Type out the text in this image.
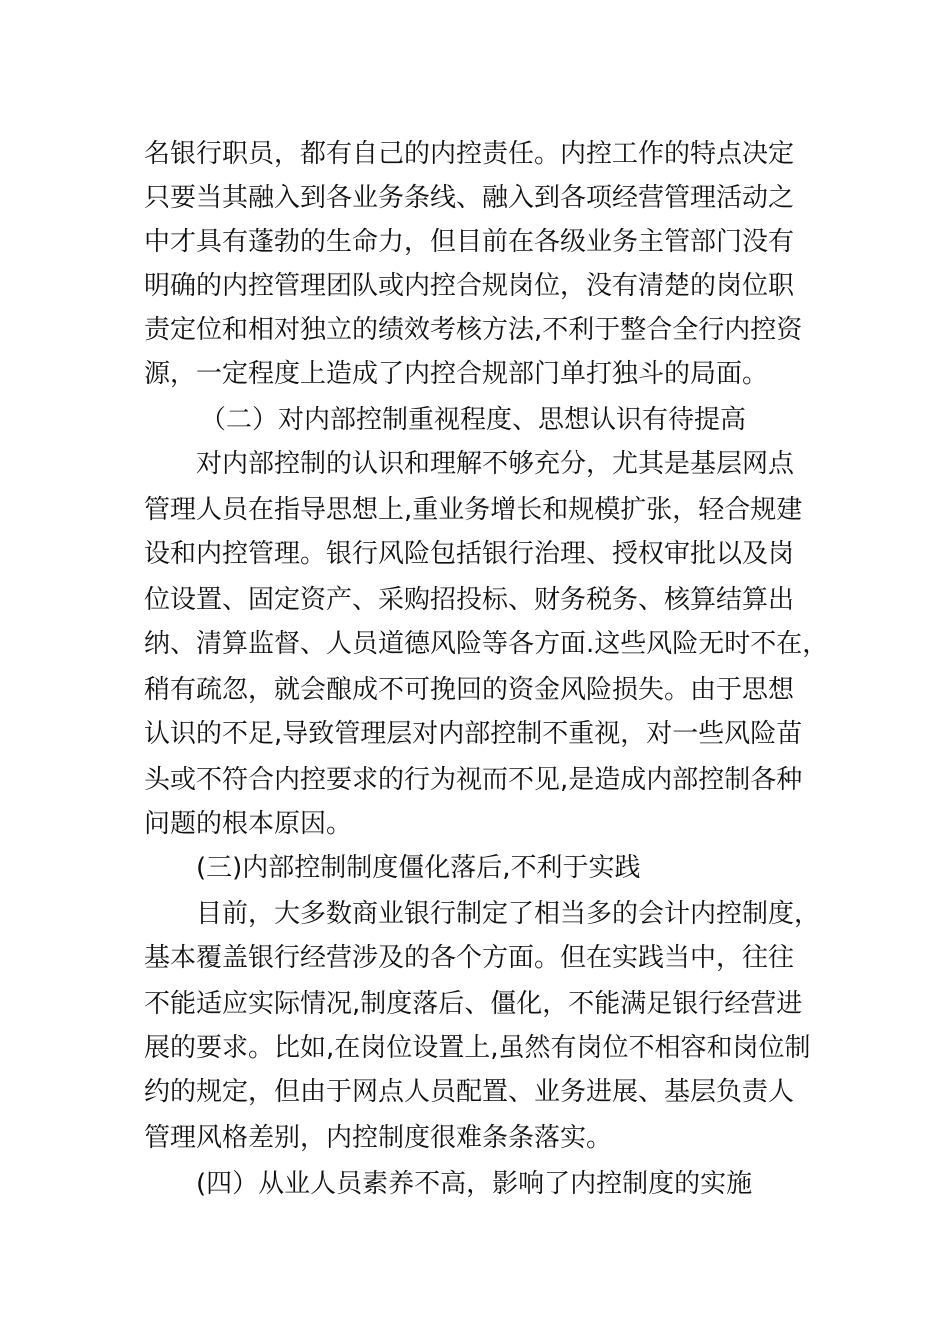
名银行职员，都有自己的内控责任。内控工作的特点决定
只要当其融入到各业务条线、融入到各项经营管理活动之
中才具有蓬勃的生命力，但目前在各级业务主管部门没有
明确的内控管理团队或内控合规岗位，没有清楚的岗位职
责定位和相对独立的绩效考核方法,不利于整合全行内控资
源，一定程度上造成了内控合规部门单打独斗的局面。
（二）对内部控制重视程度、思想认识有待提高
对内部控制的认识和理解不够充分，尤其是基层网点
管理人员在指导思想上,重业务增长和规模扩张，轻合规建
设和内控管理。银行风险包括银行治理、授权审批以及岗
位设置、固定资产、采购招投标、财务税务、核算结算出
纳、清算监督、人员道德风险等各方面.这些风险无时不在，
稍有疏忽，就会酿成不可挽回的资金风险损失。由于思想
认识的不足,导致管理层对内部控制不重视，对一些风险苗
头或不符合内控要求的行为视而不见,是造成内部控制各种
问题的根本原因。
(三)内部控制制度僵化落后,不利于实践
目前，大多数商业银行制定了相当多的会计内控制度，
基本覆盖银行经营涉及的各个方面。但在实践当中，往往
不能适应实际情况,制度落后、僵化，不能满足银行经营进
展的要求。比如,在岗位设置上,虽然有岗位不相容和岗位制
约的规定，但由于网点人员配置、业务进展、基层负责人
管理风格差别，内控制度很难条条落实。
(四）从业人员素养不高，影响了内控制度的实施
